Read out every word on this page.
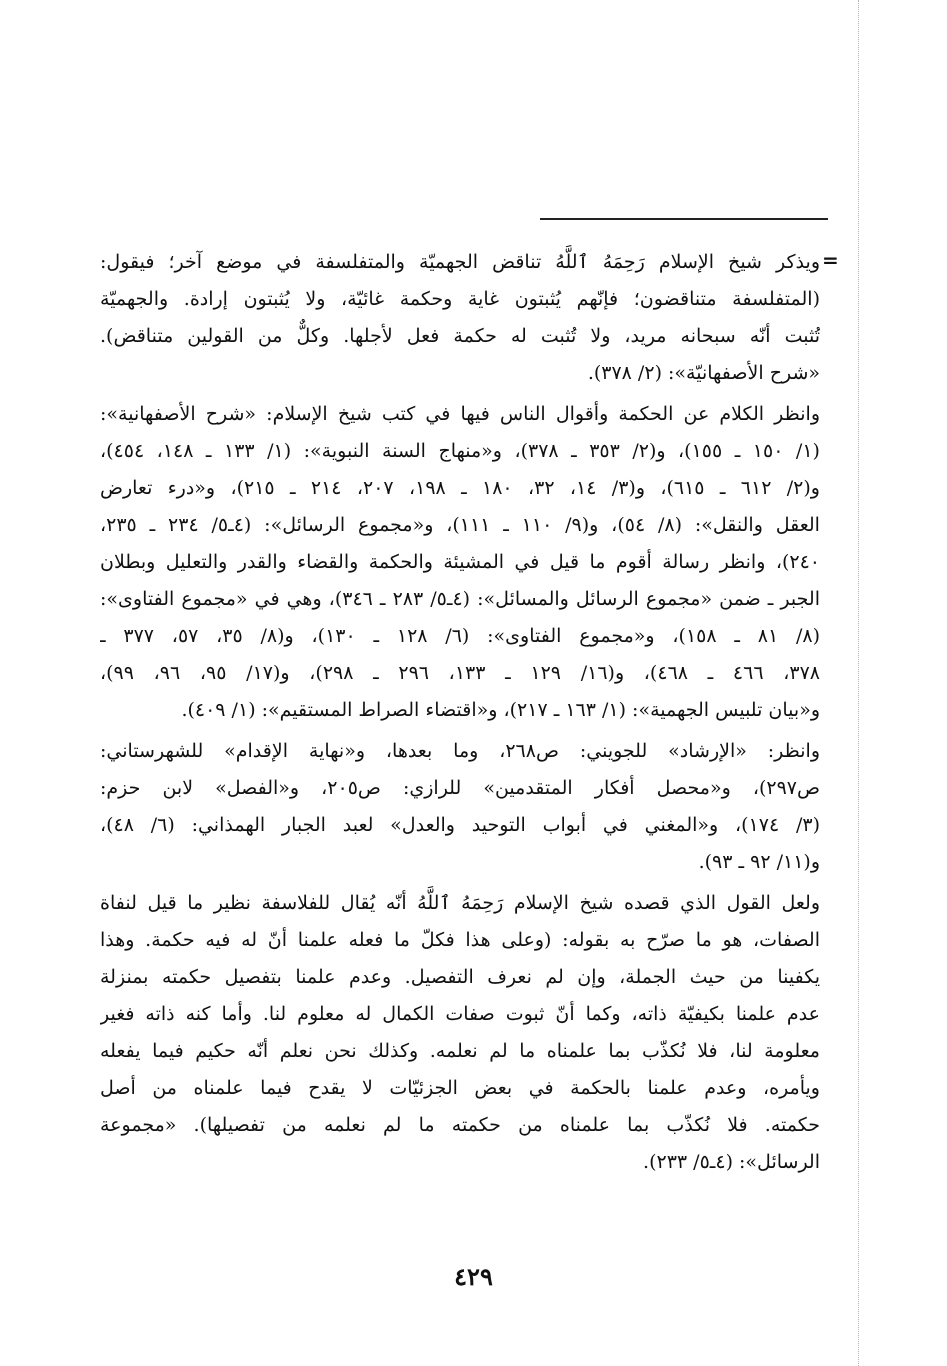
=
ويذكر شيخ الإسلام رَحِمَهُ ٱللَّهُ تناقض الجهميّة والمتفلسفة في موضع آخر؛ فيقول:
(المتفلسفة متناقضون؛ فإنّهم يُثبتون غاية وحكمة غائيّة، ولا يُثبتون إرادة. والجهميّة
تُثبت أنّه سبحانه مريد، ولا تُثبت له حكمة فعل لأجلها. وكلٌّ من القولين متناقض).
«شرح الأصفهانيّة»: (٢/ ٣٧٨).
وانظر الكلام عن الحكمة وأقوال الناس فيها في كتب شيخ الإسلام: «شرح الأصفهانية»:
(١/ ١٥٠ ـ ١٥٥)، و(٢/ ٣٥٣ ـ ٣٧٨)، و«منهاج السنة النبوية»: (١/ ١٣٣ ـ ١٤٨، ٤٥٤)،
و(٢/ ٦١٢ ـ ٦١٥)، و(٣/ ١٤، ٣٢، ١٨٠ ـ ١٩٨، ٢٠٧، ٢١٤ ـ ٢١٥)، و«درء تعارض
العقل والنقل»: (٨/ ٥٤)، و(٩/ ١١٠ ـ ١١١)، و«مجموع الرسائل»: (٤ـ٥/ ٢٣٤ ـ ٢٣٥،
٢٤٠)، وانظر رسالة أقوم ما قيل في المشيئة والحكمة والقضاء والقدر والتعليل وبطلان
الجبر ـ ضمن «مجموع الرسائل والمسائل»: (٤ـ٥/ ٢٨٣ ـ ٣٤٦)، وهي في «مجموع الفتاوى»:
(٨/ ٨١ ـ ١٥٨)، و«مجموع الفتاوى»: (٦/ ١٢٨ ـ ١٣٠)، و(٨/ ٣٥، ٥٧، ٣٧٧ ـ
٣٧٨، ٤٦٦ ـ ٤٦٨)، و(١٦/ ١٢٩ ـ ١٣٣، ٢٩٦ ـ ٢٩٨)، و(١٧/ ٩٥، ٩٦، ٩٩)،
و«بيان تلبيس الجهمية»: (١/ ١٦٣ ـ ٢١٧)، و«اقتضاء الصراط المستقيم»: (١/ ٤٠٩).
وانظر: «الإرشاد» للجويني: ص٢٦٨، وما بعدها، و«نهاية الإقدام» للشهرستاني:
ص٢٩٧)، و«محصل أفكار المتقدمين» للرازي: ص٢٠٥، و«الفصل» لابن حزم:
(٣/ ١٧٤)، و«المغني في أبواب التوحيد والعدل» لعبد الجبار الهمذاني: (٦/ ٤٨)،
و(١١/ ٩٢ ـ ٩٣).
ولعل القول الذي قصده شيخ الإسلام رَحِمَهُ ٱللَّهُ أنّه يُقال للفلاسفة نظير ما قيل لنفاة
الصفات، هو ما صرّح به بقوله: (وعلى هذا فكلّ ما فعله علمنا أنّ له فيه حكمة. وهذا
يكفينا من حيث الجملة، وإن لم نعرف التفصيل. وعدم علمنا بتفصيل حكمته بمنزلة
عدم علمنا بكيفيّة ذاته، وكما أنّ ثبوت صفات الكمال له معلوم لنا. وأما كنه ذاته فغير
معلومة لنا، فلا نُكذّب بما علمناه ما لم نعلمه. وكذلك نحن نعلم أنّه حكيم فيما يفعله
ويأمره، وعدم علمنا بالحكمة في بعض الجزئيّات لا يقدح فيما علمناه من أصل
حكمته. فلا نُكذّب بما علمناه من حكمته ما لم نعلمه من تفصيلها). «مجموعة
الرسائل»: (٤ـ٥/ ٢٣٣).
٤٢٩
